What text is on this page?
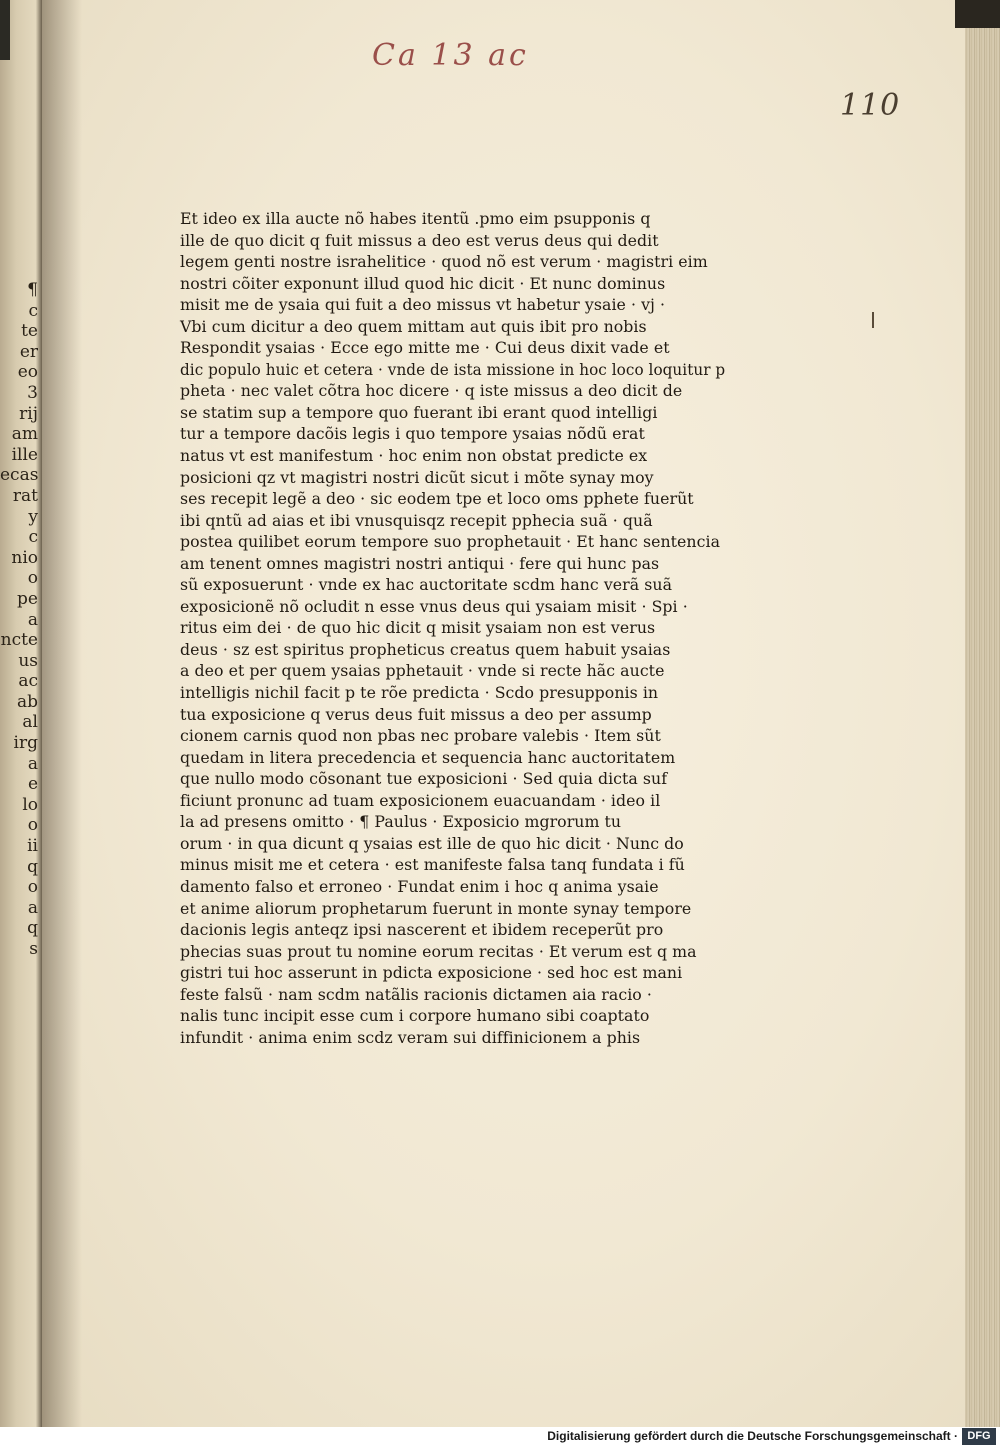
¶
c
te
er
eo
3
rij
am
ille
ecas
rat
y
c
nio
o
pe
a
ncte
us
ac
ab
al
irg
a
e
lo
o
ii
q
o
a
q
s
Ca 13 ac
110
Et ideo ex illa aucte nõ habes itentũ .pmo eim psupponis q
ille de quo dicit q fuit missus a deo est verus deus qui dedit
legem genti nostre israhelitice · quod nõ est verum · magistri eim
nostri cõiter exponunt illud quod hic dicit · Et nunc dominus
misit me de ysaia qui fuit a deo missus vt habetur ysaie · vj ·
Vbi cum dicitur a deo quem mittam aut quis ibit pro nobis
Respondit ysaias · Ecce ego mitte me · Cui deus dixit vade et
dic populo huic et cetera · vnde de ista missione in hoc loco loquitur p
pheta · nec valet cõtra hoc dicere · q iste missus a deo dicit de
se statim sup a tempore quo fuerant ibi erant quod intelligi
tur a tempore dacõis legis i quo tempore ysaias nõdũ erat
natus vt est manifestum · hoc enim non obstat predicte ex
posicioni qz vt magistri nostri dicũt sicut i mõte synay moy
ses recepit legẽ a deo · sic eodem tpe et loco oms pphete fuerũt
ibi qntũ ad aias et ibi vnusquisqz recepit pphecia suã · quã
postea quilibet eorum tempore suo prophetauit · Et hanc sentencia
am tenent omnes magistri nostri antiqui · fere qui hunc pas
sũ exposuerunt · vnde ex hac auctoritate scdm hanc verã suã
exposicionẽ nõ ocludit n esse vnus deus qui ysaiam misit · Spi ·
ritus eim dei · de quo hic dicit q misit ysaiam non est verus
deus · sz est spiritus propheticus creatus quem habuit ysaias
a deo et per quem ysaias pphetauit · vnde si recte hãc aucte
intelligis nichil facit p te rõe predicta · Scdo presupponis in
tua exposicione q verus deus fuit missus a deo per assump
cionem carnis quod non pbas nec probare valebis · Item sũt
quedam in litera precedencia et sequencia hanc auctoritatem
que nullo modo cõsonant tue exposicioni · Sed quia dicta suf
ficiunt pronunc ad tuam exposicionem euacuandam · ideo il
la ad presens omitto · ¶ Paulus · Exposicio mgrorum tu
orum · in qua dicunt q ysaias est ille de quo hic dicit · Nunc do
minus misit me et cetera · est manifeste falsa tanq fundata i fũ
damento falso et erroneo · Fundat enim i hoc q anima ysaie
et anime aliorum prophetarum fuerunt in monte synay tempore
dacionis legis anteqz ipsi nascerent et ibidem receperũt pro
phecias suas prout tu nomine eorum recitas · Et verum est q ma
gistri tui hoc asserunt in pdicta exposicione · sed hoc est mani
feste falsũ · nam scdm natãlis racionis dictamen aia racio ·
nalis tunc incipit esse cum i corpore humano sibi coaptato
infundit · anima enim scdz veram sui diffinicionem a phis
Digitalisierung gefördert durch die Deutsche Forschungsgemeinschaft · DFG
